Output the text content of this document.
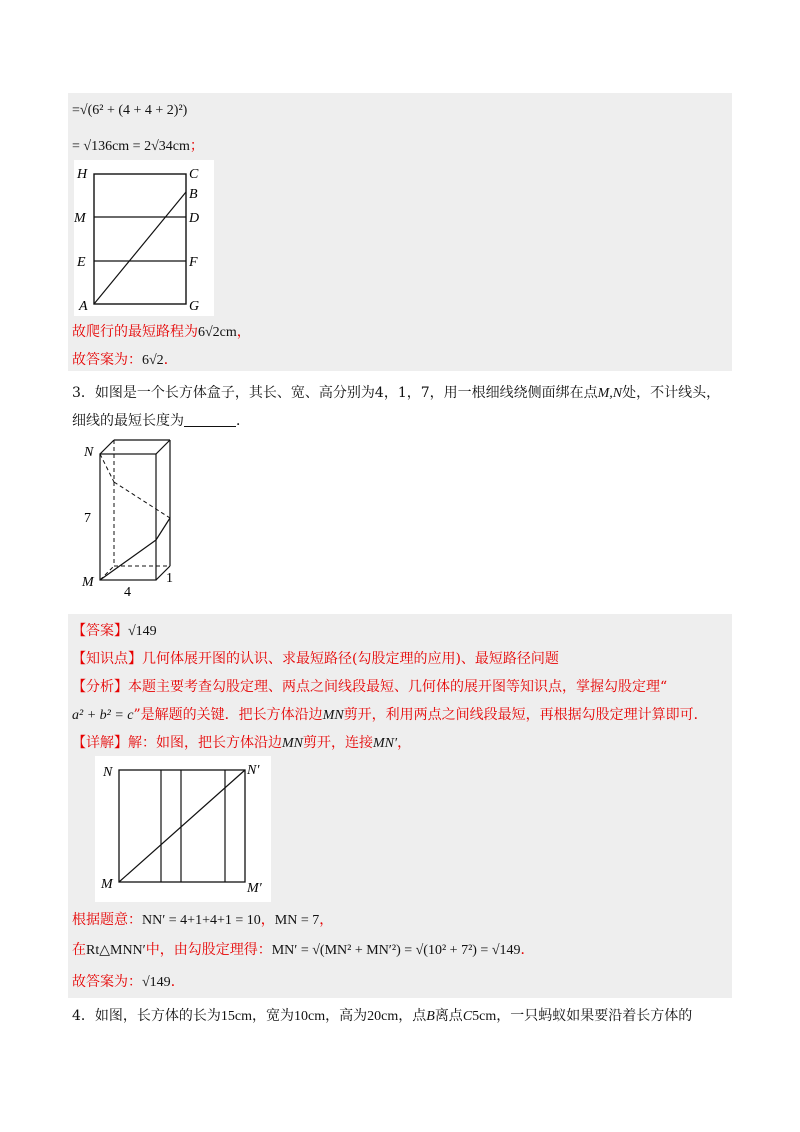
=√(6² + (4 + 4 + 2)²)
= √136cm = 2√34cm；
H	C
B
M	D
E	F
A	G
故爬行的最短路程为6√2cm，
故答案为：6√2．
3．如图是一个长方体盒子，其长、宽、高分别为4，1，7，用一根细线绕侧面绑在点M,N处，不计线头，
细线的最短长度为	．
N
M
7
4
1
【答案】√149
【知识点】几何体展开图的认识、求最短路径(勾股定理的应用)、最短路径问题
【分析】本题主要考查勾股定理、两点之间线段最短、几何体的展开图等知识点，掌握勾股定理“
a² + b² = c”是解题的关键．把长方体沿边MN剪开，利用两点之间线段最短，再根据勾股定理计算即可．
【详解】解：如图，把长方体沿边MN剪开，连接MN′，
N	N′
M	M′
根据题意：NN′ = 4+1+4+1 = 10，MN = 7，
在Rt△MNN′中，由勾股定理得：MN′ = √(MN² + MN′²) = √(10² + 7²) = √149．
故答案为：√149．
4．如图，长方体的长为15cm，宽为10cm，高为20cm，点B离点C5cm，一只蚂蚁如果要沿着长方体的
